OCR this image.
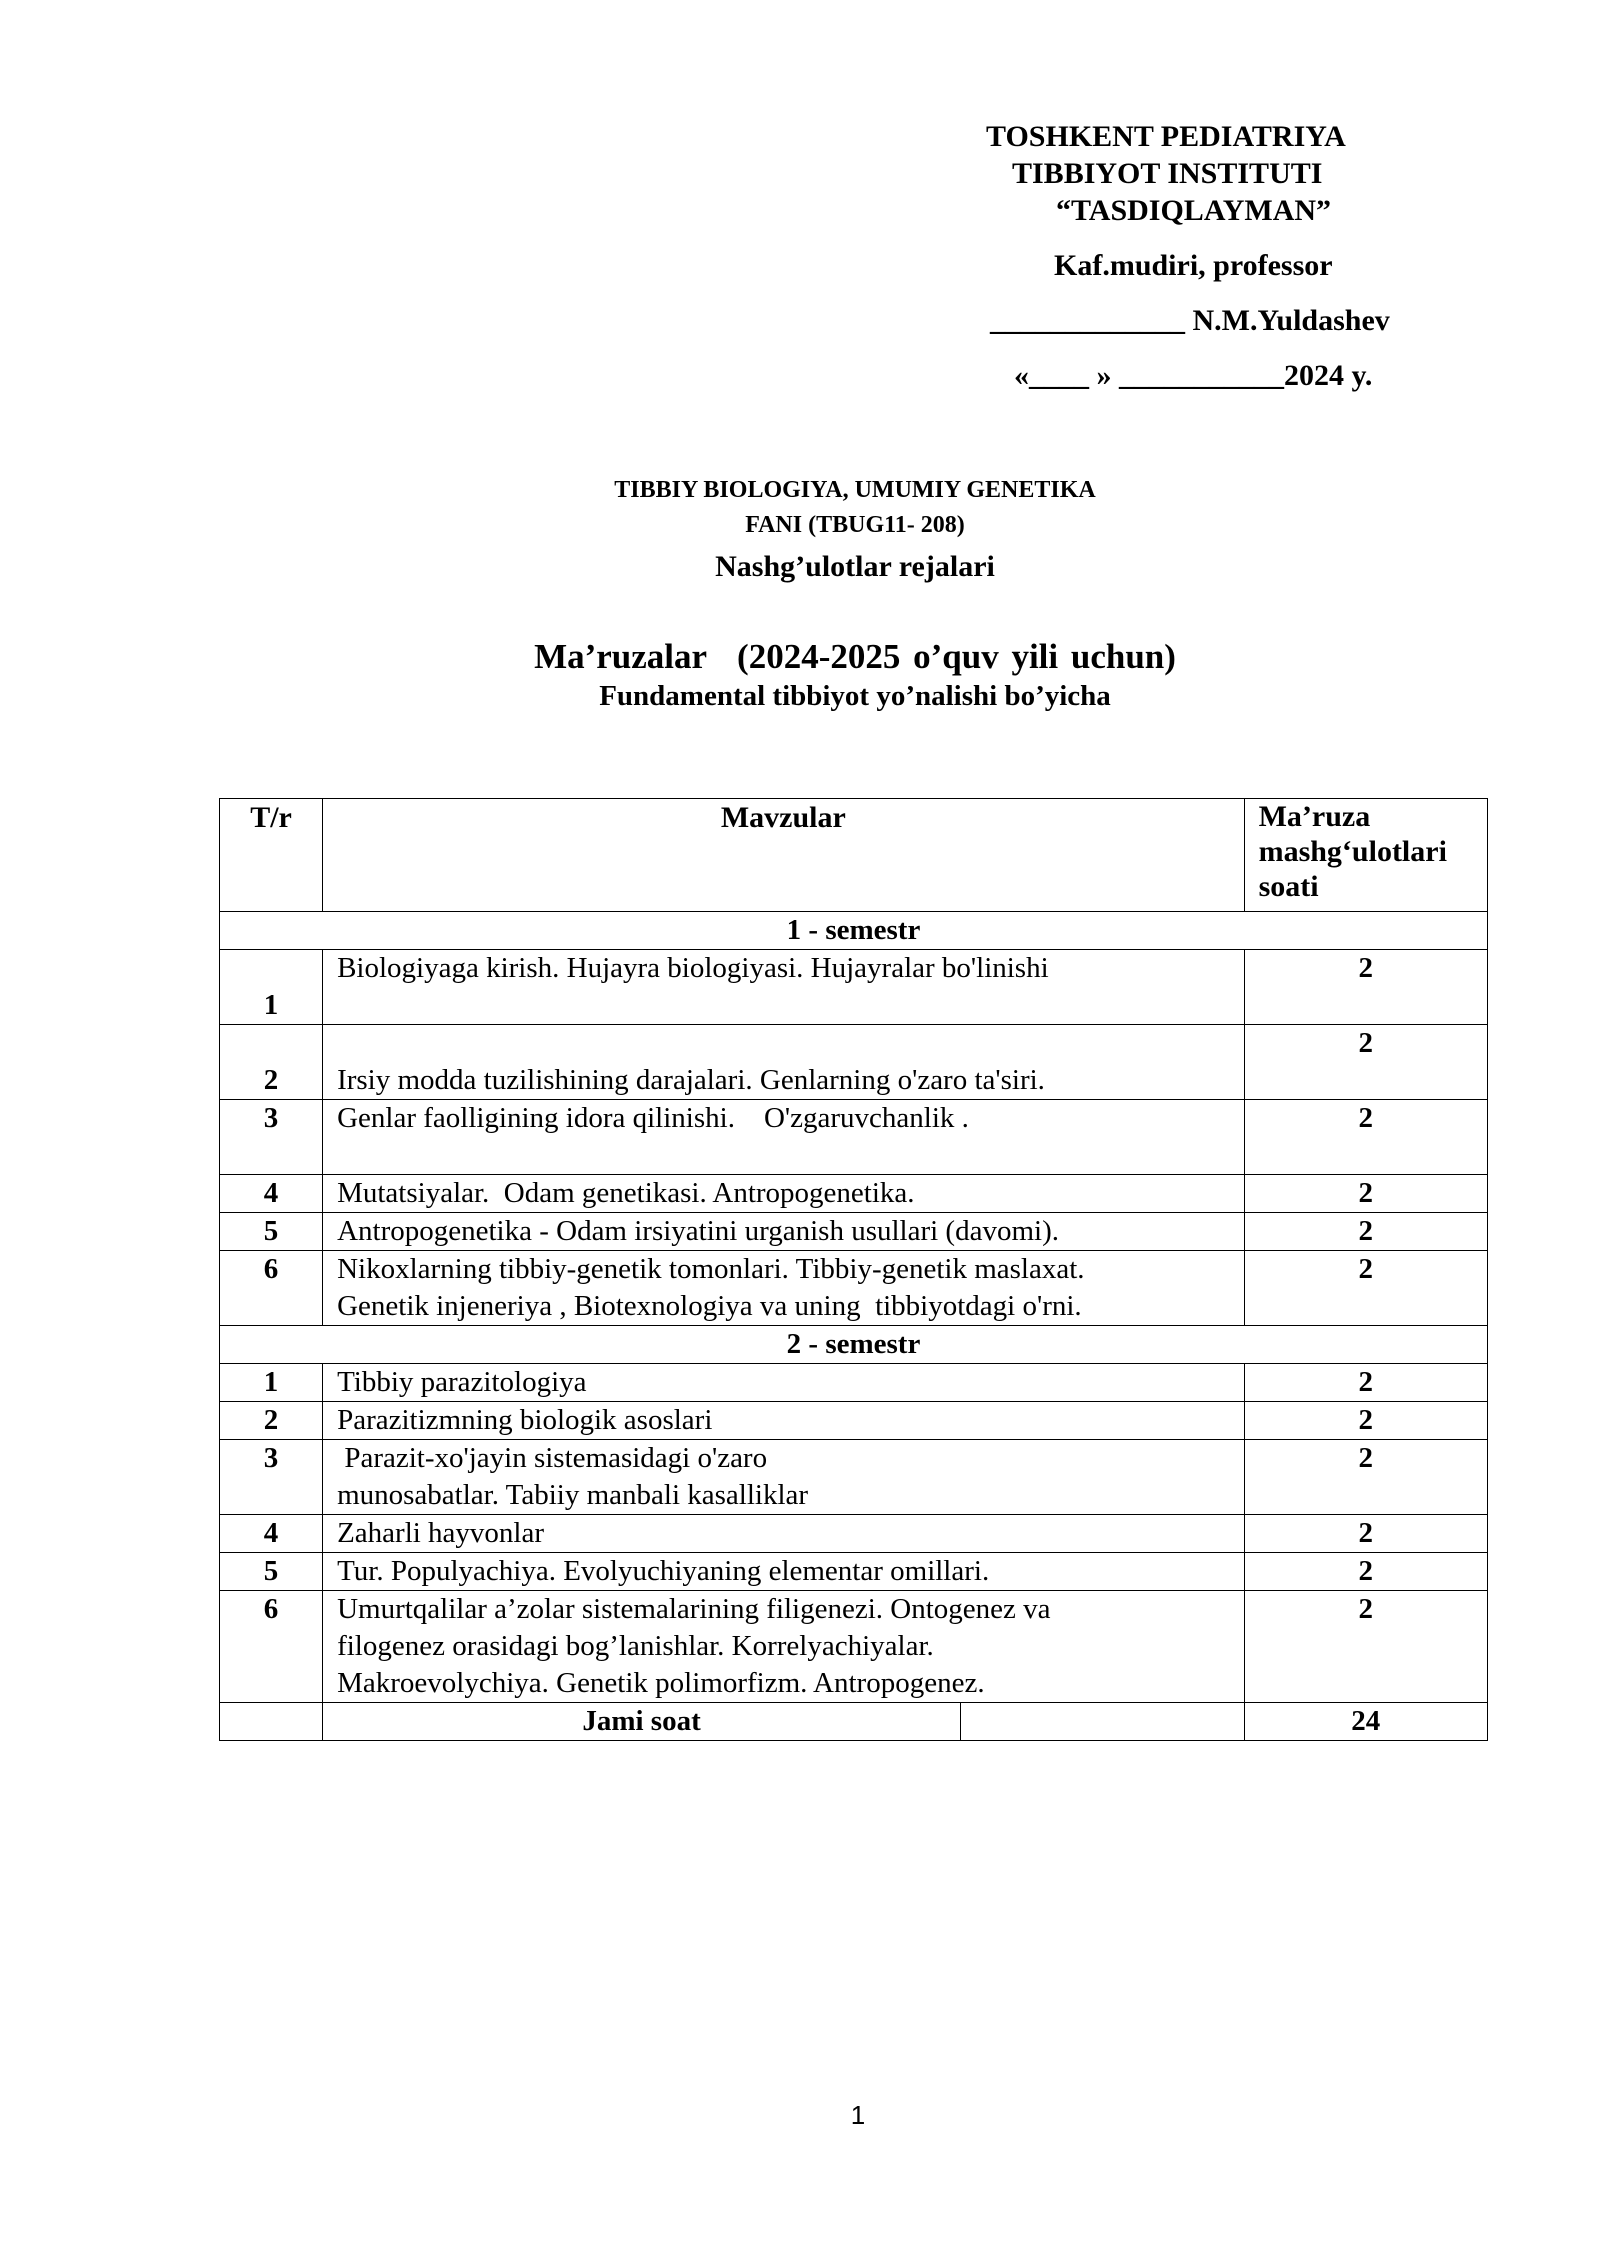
TOSHKENT PEDIATRIYA
TIBBIYOT INSTITUTI
“TASDIQLAYMAN”
Kaf.mudiri, professor
_____________ N.M.Yuldashev
«____ » ___________2024 y.
TIBBIY BIOLOGIYA, UMUMIY GENETIKA
FANI (TBUG11- 208)
Nashg’ulotlar rejalari
Ma’ruzalar (2024-2025 o’quv yili uchun)
Fundamental tibbiyot yo’nalishi bo’yicha
T/r	Mavzular		Ma’ruza
mashg‘ulotlari
soati
1 - semestr			
1	Biologiyaga kirish. Hujayra biologiyasi. Hujayralar bo'linishi		2
2	Irsiy modda tuzilishining darajalari. Genlarning o'zaro ta'siri.		2
3	Genlar faolligining idora qilinishi.    O'zgaruvchanlik .		2
4	Mutatsiyalar.  Odam genetikasi. Antropogenetika.		2
5	Antropogenetika - Odam irsiyatini urganish usullari (davomi).		2
6	Nikoxlarning tibbiy-genetik tomonlari. Tibbiy-genetik maslaxat.
Genetik injeneriya , Biotexnologiya va uning  tibbiyotdagi o'rni.		2
2 - semestr			
1	Tibbiy parazitologiya		2
2	Parazitizmning biologik asoslari		2
3	Parazit-xo'jayin sistemasidagi o'zaro
munosabatlar. Tabiiy manbali kasalliklar		2
4	Zaharli hayvonlar		2
5	Tur. Populyachiya. Evolyuchiyaning elementar omillari.		2
6	Umurtqalilar a’zolar sistemalarining filigenezi. Ontogenez va
filogenez orasidagi bog’lanishlar. Korrelyachiyalar.
Makroevolychiya. Genetik polimorfizm. Antropogenez.		2
	Jami soat		24
1
